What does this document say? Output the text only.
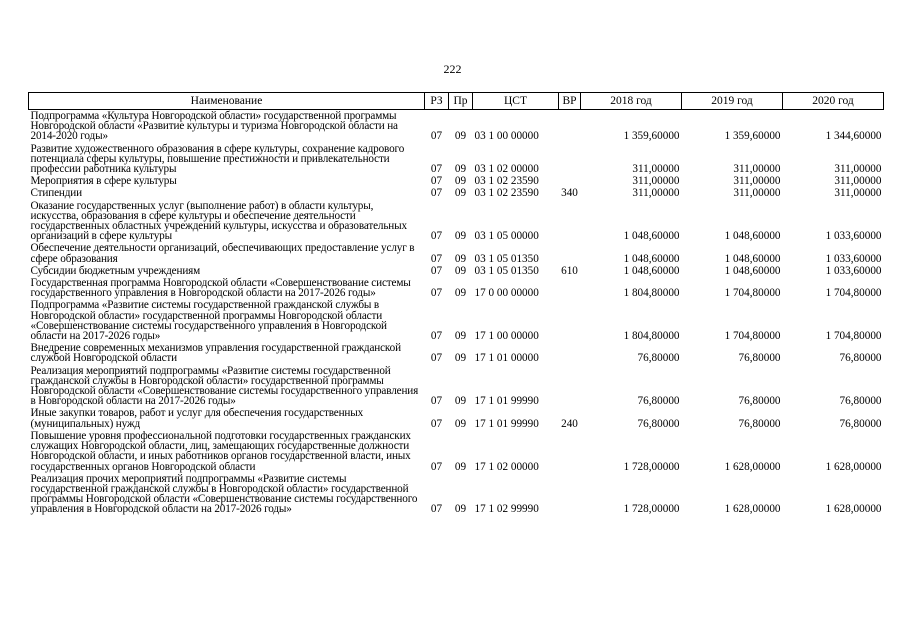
222
Наименование	РЗ	Пр	ЦСТ	ВР	2018 год	2019 год	2020 год
Подпрограмма «Культура Новгородской области» государственной программы Новгородской области «Развитие культуры и туризма Новгородской области на 2014-2020 годы»	07	09	03 1 00 00000		1 359,60000	1 359,60000	1 344,60000
Развитие художественного образования в сфере культуры, сохранение кадрового потенциала сферы культуры, повышение престижности и привлекательности профессии работника культуры	07	09	03 1 02 00000		311,00000	311,00000	311,00000
Мероприятия в сфере культуры	07	09	03 1 02 23590		311,00000	311,00000	311,00000
Стипендии	07	09	03 1 02 23590	340	311,00000	311,00000	311,00000
Оказание государственных услуг (выполнение работ) в области культуры, искусства, образования в сфере культуры и обеспечение деятельности государственных областных учреждений культуры, искусства и образовательных организаций в сфере культуры	07	09	03 1 05 00000		1 048,60000	1 048,60000	1 033,60000
Обеспечение деятельности организаций, обеспечивающих предоставление услуг в сфере образования	07	09	03 1 05 01350		1 048,60000	1 048,60000	1 033,60000
Субсидии бюджетным учреждениям	07	09	03 1 05 01350	610	1 048,60000	1 048,60000	1 033,60000
Государственная программа Новгородской области «Совершенствование системы государственного управления в Новгородской области на 2017-2026 годы»	07	09	17 0 00 00000		1 804,80000	1 704,80000	1 704,80000
Подпрограмма «Развитие системы государственной гражданской службы в Новгородской области» государственной программы Новгородской области «Совершенствование системы государственного управления в Новгородской области на 2017-2026 годы»	07	09	17 1 00 00000		1 804,80000	1 704,80000	1 704,80000
Внедрение современных механизмов управления государственной гражданской службой Новгородской области	07	09	17 1 01 00000		76,80000	76,80000	76,80000
Реализация мероприятий подпрограммы «Развитие системы государственной гражданской службы в Новгородской области» государственной программы Новгородской области «Совершенствование системы государственного управления в Новгородской области на 2017-2026 годы»	07	09	17 1 01 99990		76,80000	76,80000	76,80000
Иные закупки товаров, работ и услуг для обеспечения государственных (муниципальных) нужд	07	09	17 1 01 99990	240	76,80000	76,80000	76,80000
Повышение уровня профессиональной подготовки государственных гражданских служащих Новгородской области, лиц, замещающих государственные должности Новгородской области, и иных работников органов государственной власти, иных государственных органов Новгородской области	07	09	17 1 02 00000		1 728,00000	1 628,00000	1 628,00000
Реализация прочих мероприятий подпрограммы «Развитие системы государственной гражданской службы в Новгородской области» государственной программы Новгородской области «Совершенствование системы государственного управления в Новгородской области на 2017-2026 годы»	07	09	17 1 02 99990		1 728,00000	1 628,00000	1 628,00000
